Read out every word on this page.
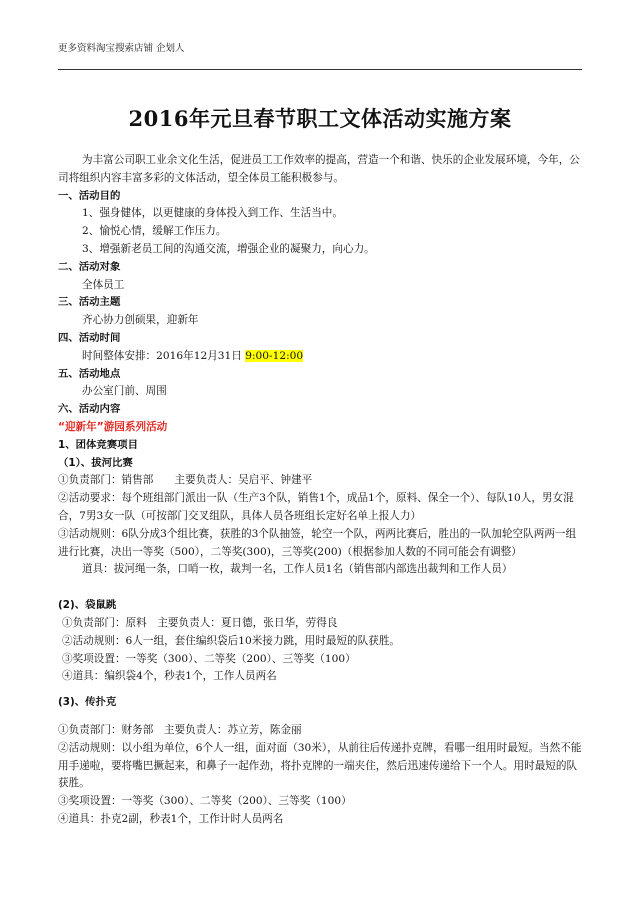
更多资料淘宝搜索店铺 企划人
2016年元旦春节职工文体活动实施方案
为丰富公司职工业余文化生活，促进员工工作效率的提高，营造一个和谐、快乐的企业发展环境，今年，公司将组织内容丰富多彩的文体活动，望全体员工能积极参与。
一、活动目的
1、强身健体，以更健康的身体投入到工作、生活当中。
2、愉悦心情，缓解工作压力。
3、增强新老员工间的沟通交流，增强企业的凝聚力，向心力。
二、活动对象
全体员工
三、活动主题
齐心协力创硕果，迎新年
四、活动时间
时间整体安排：2016年12月31日 9:00-12:00
五、活动地点
办公室门前、周围
六、活动内容
“迎新年”游园系列活动
1、团体竞赛项目
（1）、拔河比赛
①负责部门：销售部　　主要负责人：吴启平、钟建平
②活动要求：每个班组部门派出一队（生产3个队，销售1个，成品1个，原料、保全一个）、每队10人，男女混合，7男3女一队（可按部门交叉组队，具体人员各班组长定好名单上报人力）
③活动规则：6队分成3个组比赛，获胜的3个队抽签，轮空一个队，两两比赛后，胜出的一队加轮空队两两一组进行比赛，决出一等奖（500），二等奖(300)，三等奖(200)（根据参加人数的不同可能会有调整）
道具：拔河绳一条，口哨一枚，裁判一名，工作人员1名（销售部内部选出裁判和工作人员）
(2)、袋鼠跳
①负责部门：原料　主要负责人：夏日德，张日华，劳得良
②活动规则：6人一组，套住编织袋后10米接力跳，用时最短的队获胜。
③奖项设置：一等奖（300）、二等奖（200）、三等奖（100）
④道具：编织袋4个，秒表1个，工作人员两名
(3)、传扑克
①负责部门：财务部　主要负责人：苏立芳，陈金丽
②活动规则：以小组为单位，6个人一组，面对面（30米），从前往后传递扑克牌，看哪一组用时最短。当然不能用手递啦，要将嘴巴撅起来，和鼻子一起作劲，将扑克牌的一端夹住，然后迅速传递给下一个人。用时最短的队获胜。
③奖项设置：一等奖（300）、二等奖（200）、三等奖（100）
④道具：扑克2副，秒表1个，工作计时人员两名
